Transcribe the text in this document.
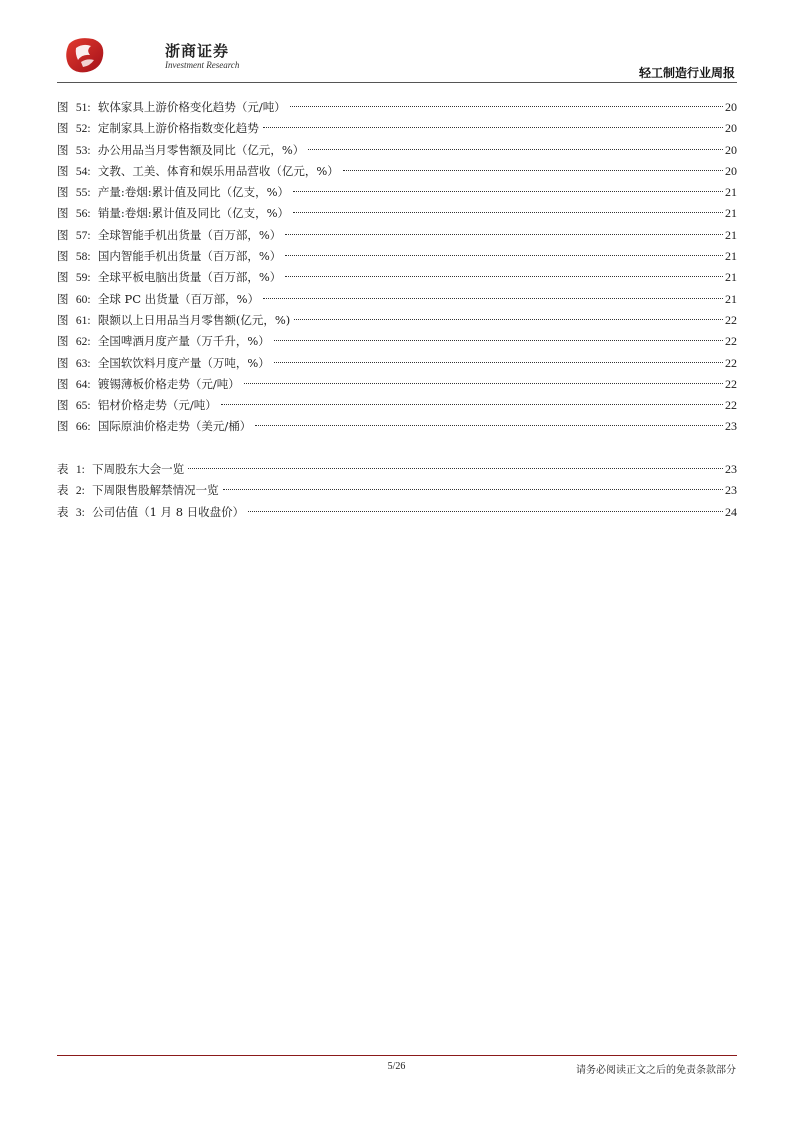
浙商证券
Investment Research
轻工制造行业周报
图 51: 软体家具上游价格变化趋势（元/吨）	20
图 52: 定制家具上游价格指数变化趋势	20
图 53: 办公用品当月零售额及同比（亿元，%）	20
图 54: 文教、工美、体育和娱乐用品营收（亿元，%）	20
图 55: 产量:卷烟:累计值及同比（亿支，%）	21
图 56: 销量:卷烟:累计值及同比（亿支，%）	21
图 57: 全球智能手机出货量（百万部，%）	21
图 58: 国内智能手机出货量（百万部，%）	21
图 59: 全球平板电脑出货量（百万部，%）	21
图 60: 全球 PC 出货量（百万部，%）	21
图 61: 限额以上日用品当月零售额(亿元，%)	22
图 62: 全国啤酒月度产量（万千升，%）	22
图 63: 全国软饮料月度产量（万吨，%）	22
图 64: 镀锡薄板价格走势（元/吨）	22
图 65: 铝材价格走势（元/吨）	22
图 66: 国际原油价格走势（美元/桶）	23
表 1: 下周股东大会一览	23
表 2: 下周限售股解禁情况一览	23
表 3: 公司估值（1 月 8 日收盘价）	24
5/26	请务必阅读正文之后的免责条款部分
